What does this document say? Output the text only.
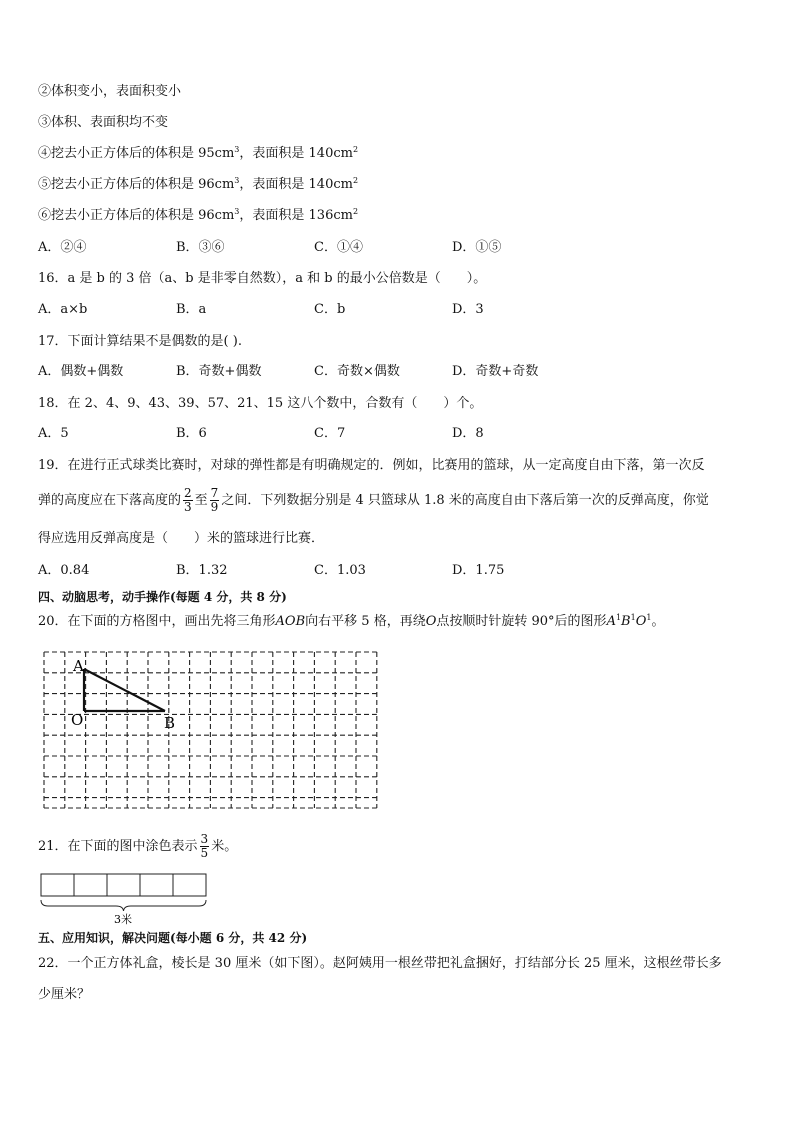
②体积变小，表面积变小
③体积、表面积均不变
④挖去小正方体后的体积是 $95cm^3$，表面积是 $140cm^2$
⑤挖去小正方体后的体积是 $96cm^3$，表面积是 $140cm^2$
⑥挖去小正方体后的体积是 $96cm^3$，表面积是 $136cm^2$
A．②④	B．③⑥	C．①④	D．①⑤
16．a 是 b 的 3 倍（a、b 是非零自然数），a 和 b 的最小公倍数是（　　）。
A．a×b	B．a	C．b	D．3
17．下面计算结果不是偶数的是( ).
A．偶数+偶数	B．奇数+偶数	C．奇数×偶数	D．奇数+奇数
18．在 2、4、9、43、39、57、21、15 这八个数中，合数有（　　）个。
A．5	B．6	C．7	D．8
19．在进行正式球类比赛时，对球的弹性都是有明确规定的．例如，比赛用的篮球，从一定高度自由下落，第一次反
弹的高度应在下落高度的 $\frac{2}{3}$ 至 $\frac{7}{9}$ 之间．下列数据分别是 4 只篮球从 1.8 米的高度自由下落后第一次的反弹高度，你觉
得应选用反弹高度是（　　）米的篮球进行比赛．
A．0.84	B．1.32	C．1.03	D．1.75
四、动脑思考，动手操作(每题 4 分，共 8 分)
20．在下面的方格图中，画出先将三角形AOB向右平移 5 格，再绕O点按顺时针旋转 90°后的图形$A^1B^1O^1$。
A
O	B
21．在下面的图中涂色表示 $\frac{3}{5}$ 米。
3米
五、应用知识，解决问题(每小题 6 分，共 42 分)
22．一个正方体礼盒，棱长是 30 厘米（如下图）。赵阿姨用一根丝带把礼盒捆好，打结部分长 25 厘米，这根丝带长多
少厘米？
